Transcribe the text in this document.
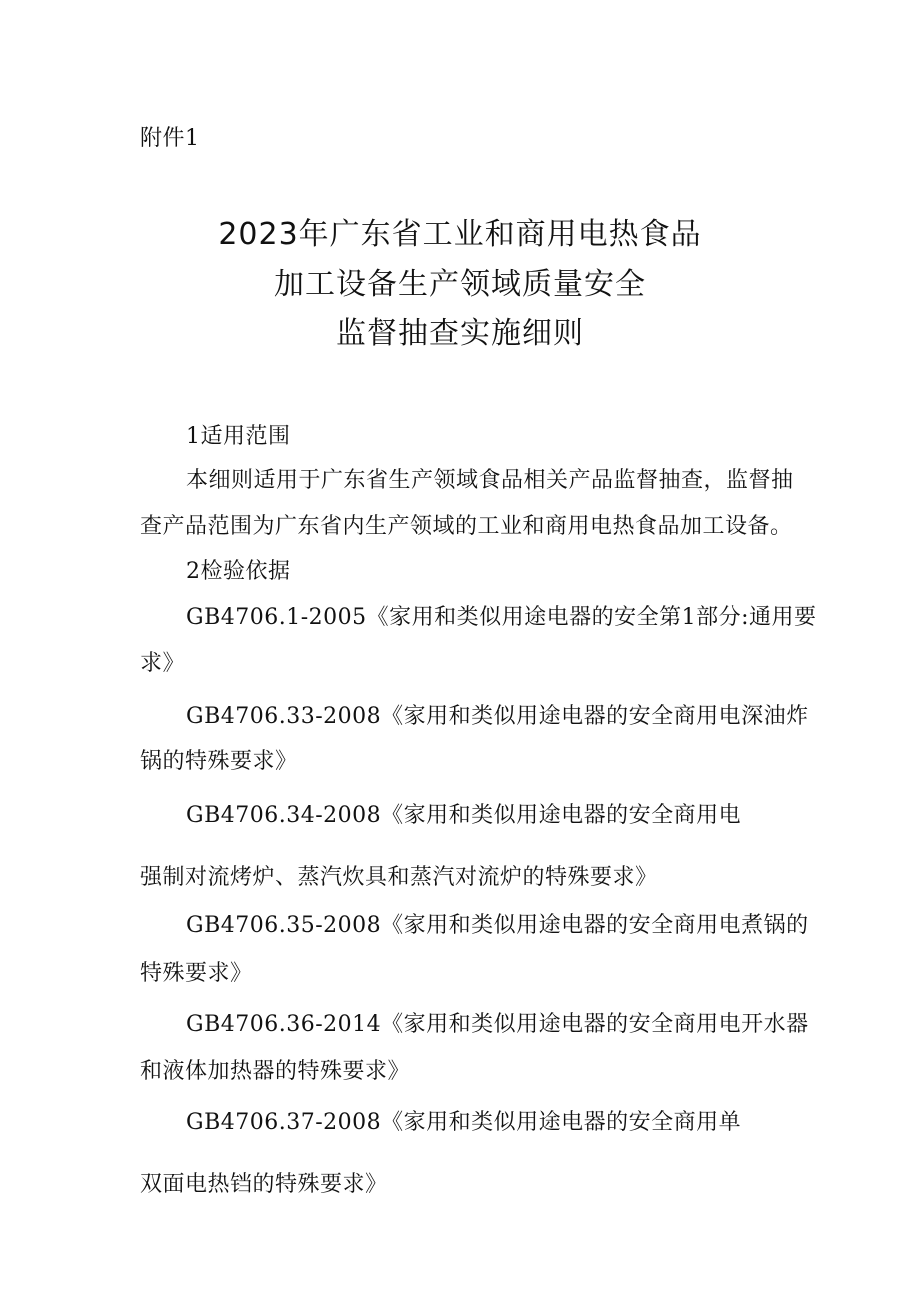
附件1
2023年广东省工业和商用电热食品
加工设备生产领域质量安全
监督抽查实施细则
1适用范围
本细则适用于广东省生产领域食品相关产品监督抽查，监督抽
查产品范围为广东省内生产领域的工业和商用电热食品加工设备。
2检验依据
GB4706.1-2005《家用和类似用途电器的安全第1部分:通用要
求》
GB4706.33-2008《家用和类似用途电器的安全商用电深油炸
锅的特殊要求》
GB4706.34-2008《家用和类似用途电器的安全商用电
强制对流烤炉、蒸汽炊具和蒸汽对流炉的特殊要求》
GB4706.35-2008《家用和类似用途电器的安全商用电煮锅的
特殊要求》
GB4706.36-2014《家用和类似用途电器的安全商用电开水器
和液体加热器的特殊要求》
GB4706.37-2008《家用和类似用途电器的安全商用单
双面电热铛的特殊要求》
